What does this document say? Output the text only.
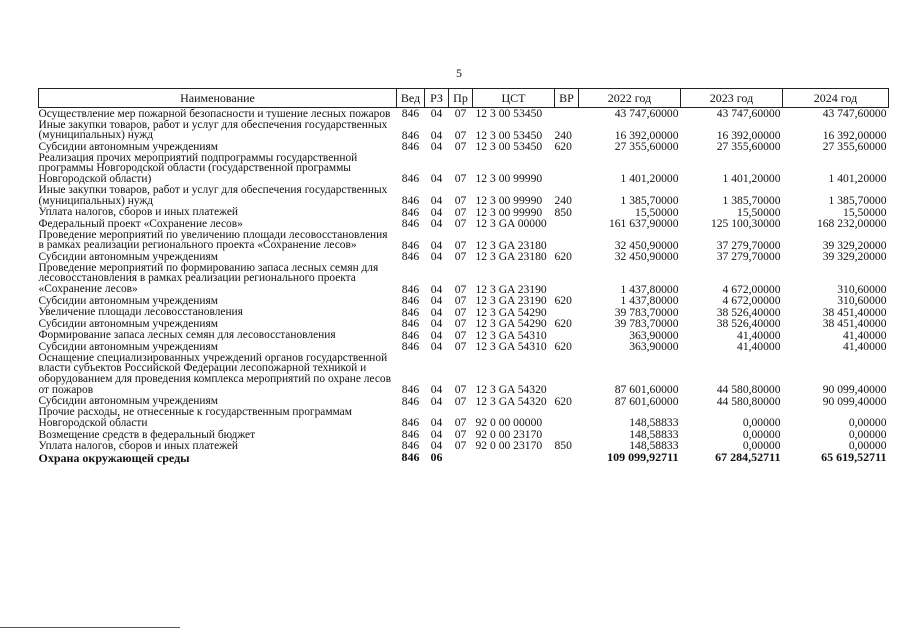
5
Наименование	Вед	РЗ	Пр	ЦСТ	ВР	2022 год	2023 год	2024 год
Осуществление мер пожарной безопасности и тушение лесных пожаров	846	04	07	12 3 00 53450		43 747,60000	43 747,60000	43 747,60000
Иные закупки товаров, работ и услуг для обеспечения государственных (муниципальных) нужд	846	04	07	12 3 00 53450	240	16 392,00000	16 392,00000	16 392,00000
Субсидии автономным учреждениям	846	04	07	12 3 00 53450	620	27 355,60000	27 355,60000	27 355,60000
Реализация прочих мероприятий подпрограммы государственной программы Новгородской области (государственной программы Новгородской области)	846	04	07	12 3 00 99990		1 401,20000	1 401,20000	1 401,20000
Иные закупки товаров, работ и услуг для обеспечения государственных (муниципальных) нужд	846	04	07	12 3 00 99990	240	1 385,70000	1 385,70000	1 385,70000
Уплата налогов, сборов и иных платежей	846	04	07	12 3 00 99990	850	15,50000	15,50000	15,50000
Федеральный проект «Сохранение лесов»	846	04	07	12 3 GA 00000		161 637,90000	125 100,30000	168 232,00000
Проведение мероприятий по увеличению площади лесовосстановления в рамках реализации регионального проекта «Сохранение лесов»	846	04	07	12 3 GA 23180		32 450,90000	37 279,70000	39 329,20000
Субсидии автономным учреждениям	846	04	07	12 3 GA 23180	620	32 450,90000	37 279,70000	39 329,20000
Проведение мероприятий по формированию запаса лесных семян для лесовосстановления в рамках реализации регионального проекта «Сохранение лесов»	846	04	07	12 3 GA 23190		1 437,80000	4 672,00000	310,60000
Субсидии автономным учреждениям	846	04	07	12 3 GA 23190	620	1 437,80000	4 672,00000	310,60000
Увеличение площади лесовосстановления	846	04	07	12 3 GA 54290		39 783,70000	38 526,40000	38 451,40000
Субсидии автономным учреждениям	846	04	07	12 3 GA 54290	620	39 783,70000	38 526,40000	38 451,40000
Формирование запаса лесных семян для лесовосстановления	846	04	07	12 3 GA 54310		363,90000	41,40000	41,40000
Субсидии автономным учреждениям	846	04	07	12 3 GA 54310	620	363,90000	41,40000	41,40000
Оснащение специализированных учреждений органов государственной власти субъектов Российской Федерации лесопожарной техникой и оборудованием для проведения комплекса мероприятий по охране лесов от пожаров	846	04	07	12 3 GA 54320		87 601,60000	44 580,80000	90 099,40000
Субсидии автономным учреждениям	846	04	07	12 3 GA 54320	620	87 601,60000	44 580,80000	90 099,40000
Прочие расходы, не отнесенные к государственным программам Новгородской области	846	04	07	92 0 00 00000		148,58833	0,00000	0,00000
Возмещение средств в федеральный бюджет	846	04	07	92 0 00 23170		148,58833	0,00000	0,00000
Уплата налогов, сборов и иных платежей	846	04	07	92 0 00 23170	850	148,58833	0,00000	0,00000
Охрана окружающей среды	846	06				109 099,92711	67 284,52711	65 619,52711
